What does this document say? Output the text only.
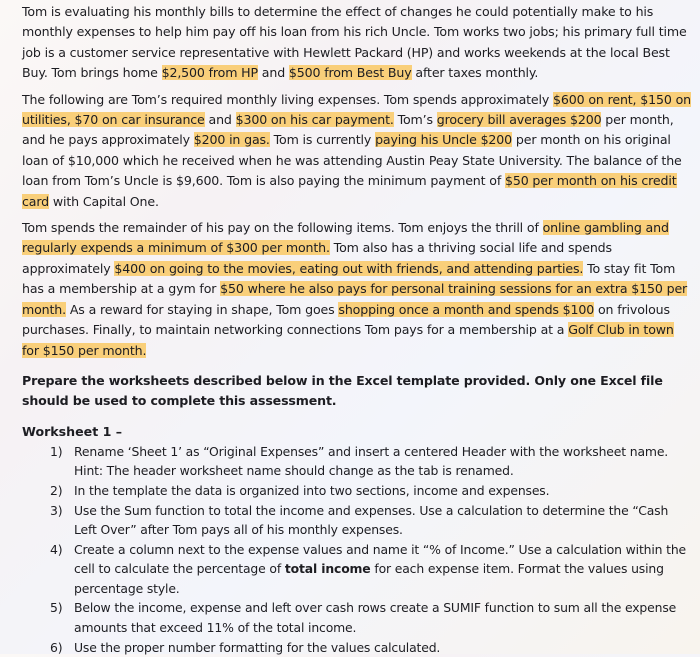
Tom is evaluating his monthly bills to determine the effect of changes he could potentially make to his monthly expenses to help him pay off his loan from his rich Uncle. Tom works two jobs; his primary full time job is a customer service representative with Hewlett Packard (HP) and works weekends at the local Best Buy. Tom brings home $2,500 from HP and $500 from Best Buy after taxes monthly.

The following are Tom’s required monthly living expenses. Tom spends approximately $600 on rent, $150 on utilities, $70 on car insurance and $300 on his car payment. Tom’s grocery bill averages $200 per month, and he pays approximately $200 in gas. Tom is currently paying his Uncle $200 per month on his original loan of $10,000 which he received when he was attending Austin Peay State University. The balance of the loan from Tom’s Uncle is $9,600. Tom is also paying the minimum payment of $50 per month on his credit card with Capital One.

Tom spends the remainder of his pay on the following items. Tom enjoys the thrill of online gambling and regularly expends a minimum of $300 per month. Tom also has a thriving social life and spends approximately $400 on going to the movies, eating out with friends, and attending parties. To stay fit Tom has a membership at a gym for $50 where he also pays for personal training sessions for an extra $150 per month. As a reward for staying in shape, Tom goes shopping once a month and spends $100 on frivolous purchases. Finally, to maintain networking connections Tom pays for a membership at a Golf Club in town for $150 per month.

Prepare the worksheets described below in the Excel template provided. Only one Excel file should be used to complete this assessment.

Worksheet 1 –
1) Rename ‘Sheet 1’ as “Original Expenses” and insert a centered Header with the worksheet name. Hint: The header worksheet name should change as the tab is renamed.
2) In the template the data is organized into two sections, income and expenses.
3) Use the Sum function to total the income and expenses. Use a calculation to determine the “Cash Left Over” after Tom pays all of his monthly expenses.
4) Create a column next to the expense values and name it “% of Income.” Use a calculation within the cell to calculate the percentage of total income for each expense item. Format the values using percentage style.
5) Below the income, expense and left over cash rows create a SUMIF function to sum all the expense amounts that exceed 11% of the total income.
6) Use the proper number formatting for the values calculated.
